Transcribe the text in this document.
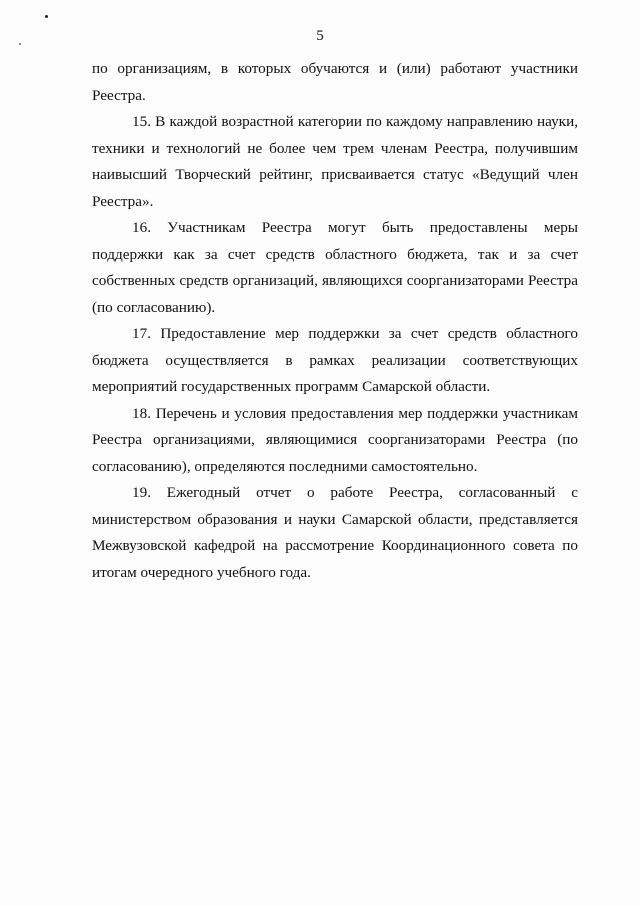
5

по организациям, в которых обучаются и (или) работают участники Реестра.

15. В каждой возрастной категории по каждому направлению науки, техники и технологий не более чем трем членам Реестра, получившим наивысший Творческий рейтинг, присваивается статус «Ведущий член Реестра».

16. Участникам Реестра могут быть предоставлены меры поддержки как за счет средств областного бюджета, так и за счет собственных средств организаций, являющихся соорганизаторами Реестра (по согласованию).

17. Предоставление мер поддержки за счет средств областного бюджета осуществляется в рамках реализации соответствующих мероприятий государственных программ Самарской области.

18. Перечень и условия предоставления мер поддержки участникам Реестра организациями, являющимися соорганизаторами Реестра (по согласованию), определяются последними самостоятельно.

19. Ежегодный отчет о работе Реестра, согласованный с министерством образования и науки Самарской области, представляется Межвузовской кафедрой на рассмотрение Координационного совета по итогам очередного учебного года.
